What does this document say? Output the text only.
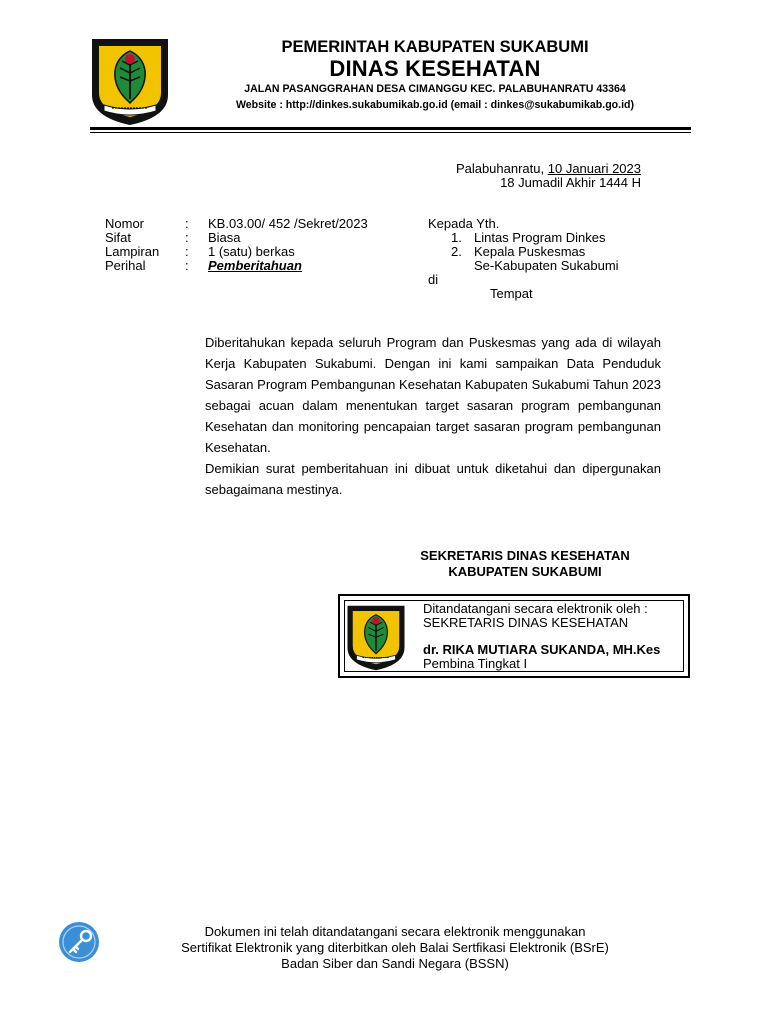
PEMERINTAH KABUPATEN SUKABUMI
DINAS KESEHATAN
JALAN PASANGGRAHAN DESA CIMANGGU KEC. PALABUHANRATU 43364
Website : http://dinkes.sukabumikab.go.id (email : dinkes@sukabumikab.go.id)
Palabuhanratu, 10 Januari 2023
18 Jumadil Akhir 1444 H
Nomor	: KB.03.00/ 452 /Sekret/2023
Sifat	: Biasa
Lampiran : 1 (satu) berkas
Perihal	: Pemberitahuan
Kepada Yth.
1. Lintas Program Dinkes
2. Kepala Puskesmas
Se-Kabupaten Sukabumi
di
Tempat

Diberitahukan kepada seluruh Program dan Puskesmas yang ada di wilayah Kerja Kabupaten Sukabumi. Dengan ini kami sampaikan Data Penduduk Sasaran Program Pembangunan Kesehatan Kabupaten Sukabumi Tahun 2023 sebagai acuan dalam menentukan target sasaran program pembangunan Kesehatan dan monitoring pencapaian target sasaran program pembangunan Kesehatan.

Demikian surat pemberitahuan ini dibuat untuk diketahui dan dipergunakan sebagaimana mestinya.

SEKRETARIS DINAS KESEHATAN
KABUPATEN SUKABUMI
Ditandatangani secara elektronik oleh :
SEKRETARIS DINAS KESEHATAN
dr. RIKA MUTIARA SUKANDA, MH.Kes
Pembina Tingkat I
Dokumen ini telah ditandatangani secara elektronik menggunakan
Sertifikat Elektronik yang diterbitkan oleh Balai Sertfikasi Elektronik (BSrE)
Badan Siber dan Sandi Negara (BSSN)
